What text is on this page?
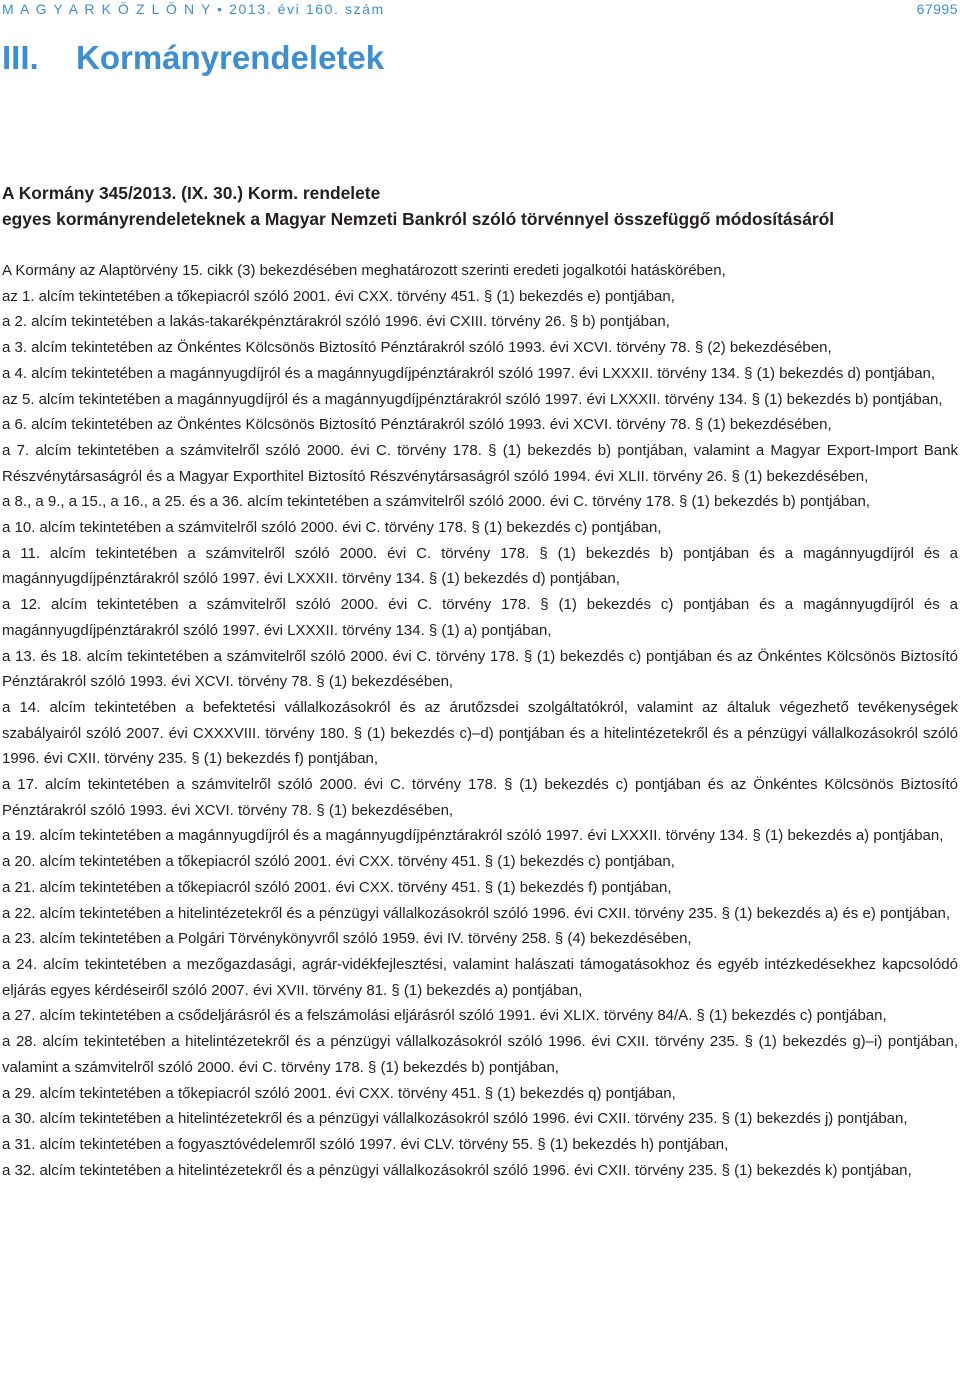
M A G Y A R K Ö Z L Ö N Y • 2013. évi 160. szám	67995
III. Kormányrendeletek
A Kormány 345/2013. (IX. 30.) Korm. rendelete
egyes kormányrendeleteknek a Magyar Nemzeti Bankról szóló törvénnyel összefüggő módosításáról

A Kormány az Alaptörvény 15. cikk (3) bekezdésében meghatározott szerinti eredeti jogalkotói hatáskörében,

az 1. alcím tekintetében a tőkepiacról szóló 2001. évi CXX. törvény 451. § (1) bekezdés e) pontjában,

a 2. alcím tekintetében a lakás-takarékpénztárakról szóló 1996. évi CXIII. törvény 26. § b) pontjában,

a 3. alcím tekintetében az Önkéntes Kölcsönös Biztosító Pénztárakról szóló 1993. évi XCVI. törvény 78. § (2) bekezdésében,

a 4. alcím tekintetében a magánnyugdíjról és a magánnyugdíjpénztárakról szóló 1997. évi LXXXII. törvény 134. § (1) bekezdés d) pontjában,

az 5. alcím tekintetében a magánnyugdíjról és a magánnyugdíjpénztárakról szóló 1997. évi LXXXII. törvény 134. § (1) bekezdés b) pontjában,

a 6. alcím tekintetében az Önkéntes Kölcsönös Biztosító Pénztárakról szóló 1993. évi XCVI. törvény 78. § (1) bekezdésében,

a 7. alcím tekintetében a számvitelről szóló 2000. évi C. törvény 178. § (1) bekezdés b) pontjában, valamint a Magyar Export-Import Bank Részvénytársaságról és a Magyar Exporthitel Biztosító Részvénytársaságról szóló 1994. évi XLII. törvény 26. § (1) bekezdésében,

a 8., a 9., a 15., a 16., a 25. és a 36. alcím tekintetében a számvitelről szóló 2000. évi C. törvény 178. § (1) bekezdés b) pontjában,

a 10. alcím tekintetében a számvitelről szóló 2000. évi C. törvény 178. § (1) bekezdés c) pontjában,

a 11. alcím tekintetében a számvitelről szóló 2000. évi C. törvény 178. § (1) bekezdés b) pontjában és a magánnyugdíjról és a magánnyugdíjpénztárakról szóló 1997. évi LXXXII. törvény 134. § (1) bekezdés d) pontjában,

a 12. alcím tekintetében a számvitelről szóló 2000. évi C. törvény 178. § (1) bekezdés c) pontjában és a magánnyugdíjról és a magánnyugdíjpénztárakról szóló 1997. évi LXXXII. törvény 134. § (1) a) pontjában,

a 13. és 18. alcím tekintetében a számvitelről szóló 2000. évi C. törvény 178. § (1) bekezdés c) pontjában és az Önkéntes Kölcsönös Biztosító Pénztárakról szóló 1993. évi XCVI. törvény 78. § (1) bekezdésében,

a 14. alcím tekintetében a befektetési vállalkozásokról és az árutőzsdei szolgáltatókról, valamint az általuk végezhető tevékenységek szabályairól szóló 2007. évi CXXXVIII. törvény 180. § (1) bekezdés c)–d) pontjában és a hitelintézetekről és a pénzügyi vállalkozásokról szóló 1996. évi CXII. törvény 235. § (1) bekezdés f) pontjában,

a 17. alcím tekintetében a számvitelről szóló 2000. évi C. törvény 178. § (1) bekezdés c) pontjában és az Önkéntes Kölcsönös Biztosító Pénztárakról szóló 1993. évi XCVI. törvény 78. § (1) bekezdésében,

a 19. alcím tekintetében a magánnyugdíjról és a magánnyugdíjpénztárakról szóló 1997. évi LXXXII. törvény 134. § (1) bekezdés a) pontjában,

a 20. alcím tekintetében a tőkepiacról szóló 2001. évi CXX. törvény 451. § (1) bekezdés c) pontjában,

a 21. alcím tekintetében a tőkepiacról szóló 2001. évi CXX. törvény 451. § (1) bekezdés f) pontjában,

a 22. alcím tekintetében a hitelintézetekről és a pénzügyi vállalkozásokról szóló 1996. évi CXII. törvény 235. § (1) bekezdés a) és e) pontjában,

a 23. alcím tekintetében a Polgári Törvénykönyvről szóló 1959. évi IV. törvény 258. § (4) bekezdésében,

a 24. alcím tekintetében a mezőgazdasági, agrár-vidékfejlesztési, valamint halászati támogatásokhoz és egyéb intézkedésekhez kapcsolódó eljárás egyes kérdéseiről szóló 2007. évi XVII. törvény 81. § (1) bekezdés a) pontjában,

a 27. alcím tekintetében a csődeljárásról és a felszámolási eljárásról szóló 1991. évi XLIX. törvény 84/A. § (1) bekezdés c) pontjában,

a 28. alcím tekintetében a hitelintézetekről és a pénzügyi vállalkozásokról szóló 1996. évi CXII. törvény 235. § (1) bekezdés g)–i) pontjában, valamint a számvitelről szóló 2000. évi C. törvény 178. § (1) bekezdés b) pontjában,

a 29. alcím tekintetében a tőkepiacról szóló 2001. évi CXX. törvény 451. § (1) bekezdés q) pontjában,

a 30. alcím tekintetében a hitelintézetekről és a pénzügyi vállalkozásokról szóló 1996. évi CXII. törvény 235. § (1) bekezdés j) pontjában,

a 31. alcím tekintetében a fogyasztóvédelemről szóló 1997. évi CLV. törvény 55. § (1) bekezdés h) pontjában,

a 32. alcím tekintetében a hitelintézetekről és a pénzügyi vállalkozásokról szóló 1996. évi CXII. törvény 235. § (1) bekezdés k) pontjában,
